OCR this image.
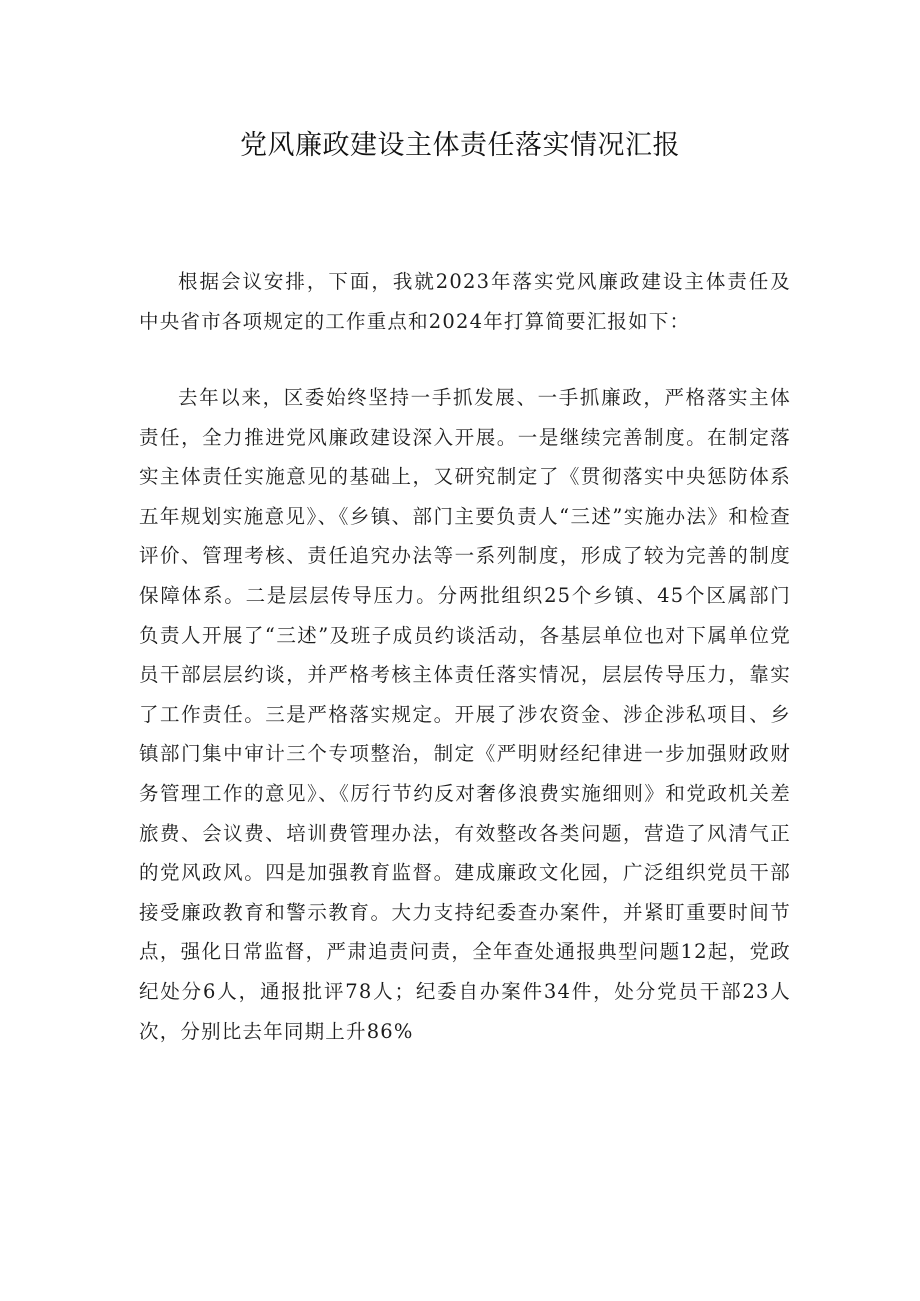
党风廉政建设主体责任落实情况汇报

根据会议安排，下面，我就2023年落实党风廉政建设主体责任及中央省市各项规定的工作重点和2024年打算简要汇报如下：

去年以来，区委始终坚持一手抓发展、一手抓廉政，严格落实主体责任，全力推进党风廉政建设深入开展。一是继续完善制度。在制定落实主体责任实施意见的基础上，又研究制定了《贯彻落实中央惩防体系五年规划实施意见》、《乡镇、部门主要负责人“三述”实施办法》和检查评价、管理考核、责任追究办法等一系列制度，形成了较为完善的制度保障体系。二是层层传导压力。分两批组织25个乡镇、45个区属部门负责人开展了“三述”及班子成员约谈活动，各基层单位也对下属单位党员干部层层约谈，并严格考核主体责任落实情况，层层传导压力，靠实了工作责任。三是严格落实规定。开展了涉农资金、涉企涉私项目、乡镇部门集中审计三个专项整治，制定《严明财经纪律进一步加强财政财务管理工作的意见》、《厉行节约反对奢侈浪费实施细则》和党政机关差旅费、会议费、培训费管理办法，有效整改各类问题，营造了风清气正的党风政风。四是加强教育监督。建成廉政文化园，广泛组织党员干部接受廉政教育和警示教育。大力支持纪委查办案件，并紧盯重要时间节点，强化日常监督，严肃追责问责，全年查处通报典型问题12起，党政纪处分6人，通报批评78人；纪委自办案件34件，处分党员干部23人次，分别比去年同期上升86%
